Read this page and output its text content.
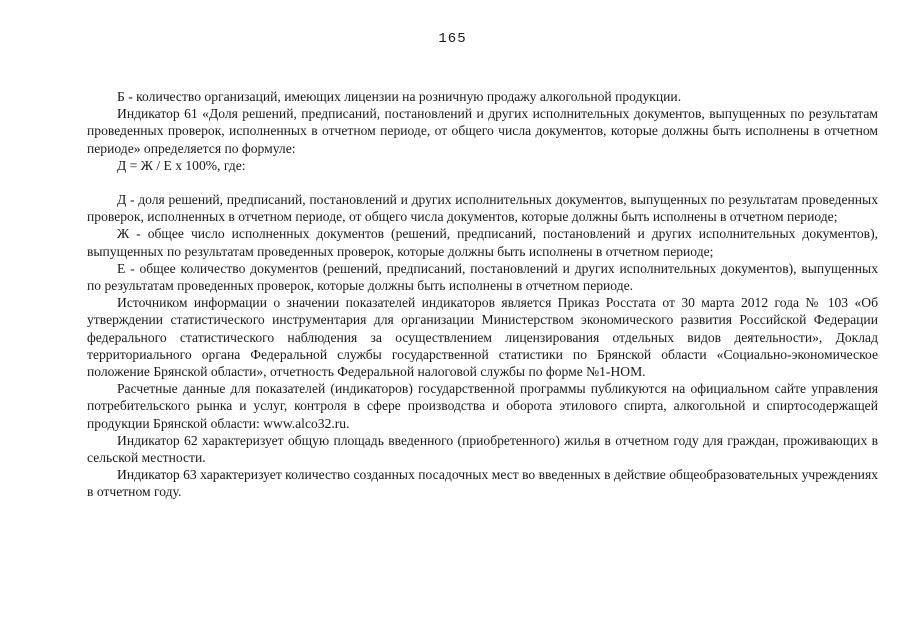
165

Б - количество организаций, имеющих лицензии на розничную продажу алкогольной продукции.

Индикатор 61 «Доля решений, предписаний, постановлений и других исполнительных документов, выпущенных по результатам проведенных проверок, исполненных в отчетном периоде, от общего числа документов, которые должны быть исполнены в отчетном периоде» определяется по формуле:

Д = Ж / Е х 100%, где:

Д - доля решений, предписаний, постановлений и других исполнительных документов, выпущенных по результатам проведенных проверок, исполненных в отчетном периоде, от общего числа документов, которые должны быть исполнены в отчетном периоде;

Ж - общее число исполненных документов (решений, предписаний, постановлений и других исполнительных документов), выпущенных по результатам проведенных проверок, которые должны быть исполнены в отчетном периоде;

Е - общее количество документов (решений, предписаний, постановлений и других исполнительных документов), выпущенных по результатам проведенных проверок, которые должны быть исполнены в отчетном периоде.

Источником информации о значении показателей индикаторов является Приказ Росстата от 30 марта 2012 года № 103 «Об утверждении статистического инструментария для организации Министерством экономического развития Российской Федерации федерального статистического наблюдения за осуществлением лицензирования отдельных видов деятельности», Доклад территориального органа Федеральной службы государственной статистики по Брянской области «Социально-экономическое положение Брянской области», отчетность Федеральной налоговой службы по форме №1-НОМ.

Расчетные данные для показателей (индикаторов) государственной программы публикуются на официальном сайте управления потребительского рынка и услуг, контроля в сфере производства и оборота этилового спирта, алкогольной и спиртосодержащей продукции Брянской области: www.alco32.ru.

Индикатор 62 характеризует общую площадь введенного (приобретенного) жилья в отчетном году для граждан, проживающих в сельской местности.

Индикатор 63 характеризует количество созданных посадочных мест во введенных в действие общеобразовательных учреждениях в отчетном году.
